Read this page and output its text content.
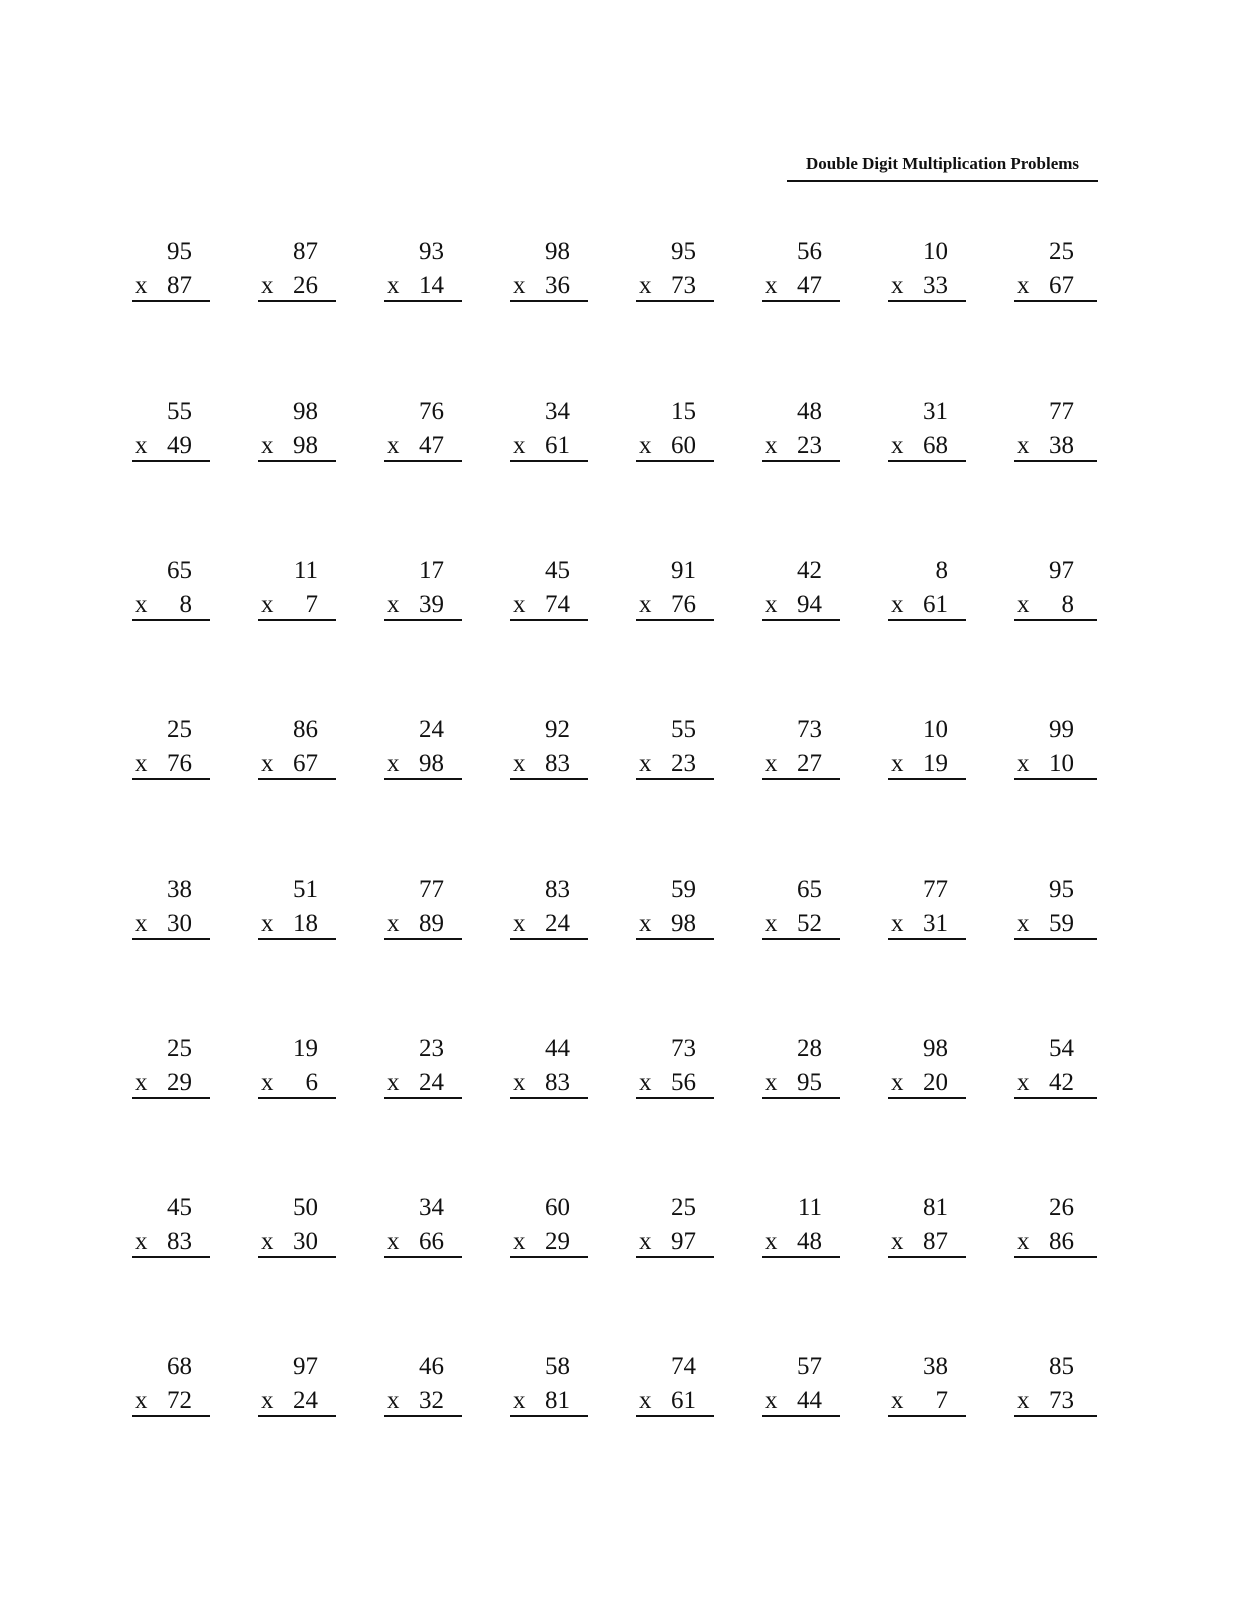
Double Digit Multiplication Problems
95
x 87
87
x 26
93
x 14
98
x 36
95
x 73
56
x 47
10
x 33
25
x 67
55
x 49
98
x 98
76
x 47
34
x 61
15
x 60
48
x 23
31
x 68
77
x 38
65
x	8
11
x	7
17
x 39
45
x 74
91
x 76
42
x 94
8
x 61
97
x	8
25
x 76
86
x 67
24
x 98
92
x 83
55
x 23
73
x 27
10
x 19
99
x 10
38
x 30
51
x 18
77
x 89
83
x 24
59
x 98
65
x 52
77
x 31
95
x 59
25
x 29
19
x	6
23
x 24
44
x 83
73
x 56
28
x 95
98
x 20
54
x 42
45
x 83
50
x 30
34
x 66
60
x 29
25
x 97
11
x 48
81
x 87
26
x 86
68
x 72
97
x 24
46
x 32
58
x 81
74
x 61
57
x 44
38
x	7
85
x 73
